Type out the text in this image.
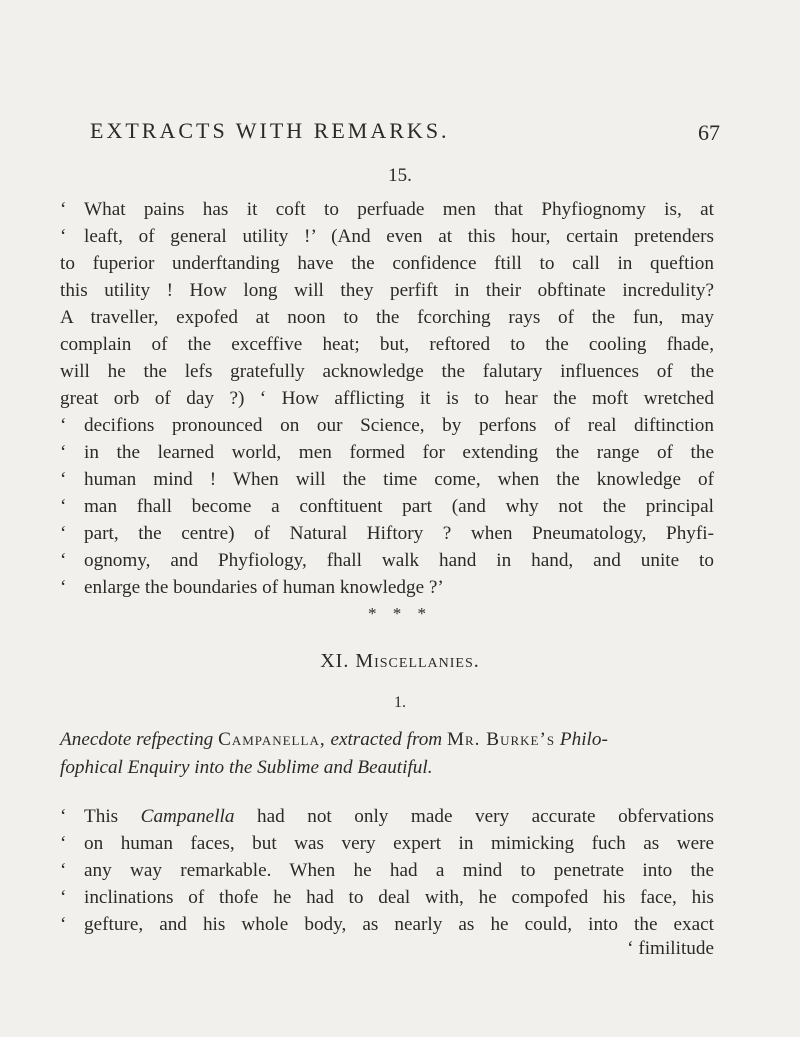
EXTRACTS WITH REMARKS.	67
15.
‘ What pains has it coft to perfuade men that Phyfiognomy is, at
‘ leaft, of general utility !’ (And even at this hour, certain pretenders
to fuperior underftanding have the confidence ftill to call in queftion
this utility ! How long will they perfift in their obftinate incredulity?
A traveller, expofed at noon to the fcorching rays of the fun, may
complain of the exceffive heat; but, reftored to the cooling fhade,
will he the lefs gratefully acknowledge the falutary influences of the
great orb of day ?) ‘ How afflicting it is to hear the moft wretched
‘ decifions pronounced on our Science, by perfons of real diftinction
‘ in the learned world, men formed for extending the range of the
‘ human mind ! When will the time come, when the knowledge of
‘ man fhall become a conftituent part (and why not the principal
‘ part, the centre) of Natural Hiftory ? when Pneumatology, Phyfi-
‘ ognomy, and Phyfiology, fhall walk hand in hand, and unite to
‘ enlarge the boundaries of human knowledge ?’
* * *
XI. Miscellanies.
1.
Anecdote refpecting Campanella, extracted from Mr. Burke’s Philo-
fophical Enquiry into the Sublime and Beautiful.
‘ This Campanella had not only made very accurate obfervations
‘ on human faces, but was very expert in mimicking fuch as were
‘ any way remarkable. When he had a mind to penetrate into the
‘ inclinations of thofe he had to deal with, he compofed his face, his
‘ gefture, and his whole body, as nearly as he could, into the exact
‘ fimilitude
